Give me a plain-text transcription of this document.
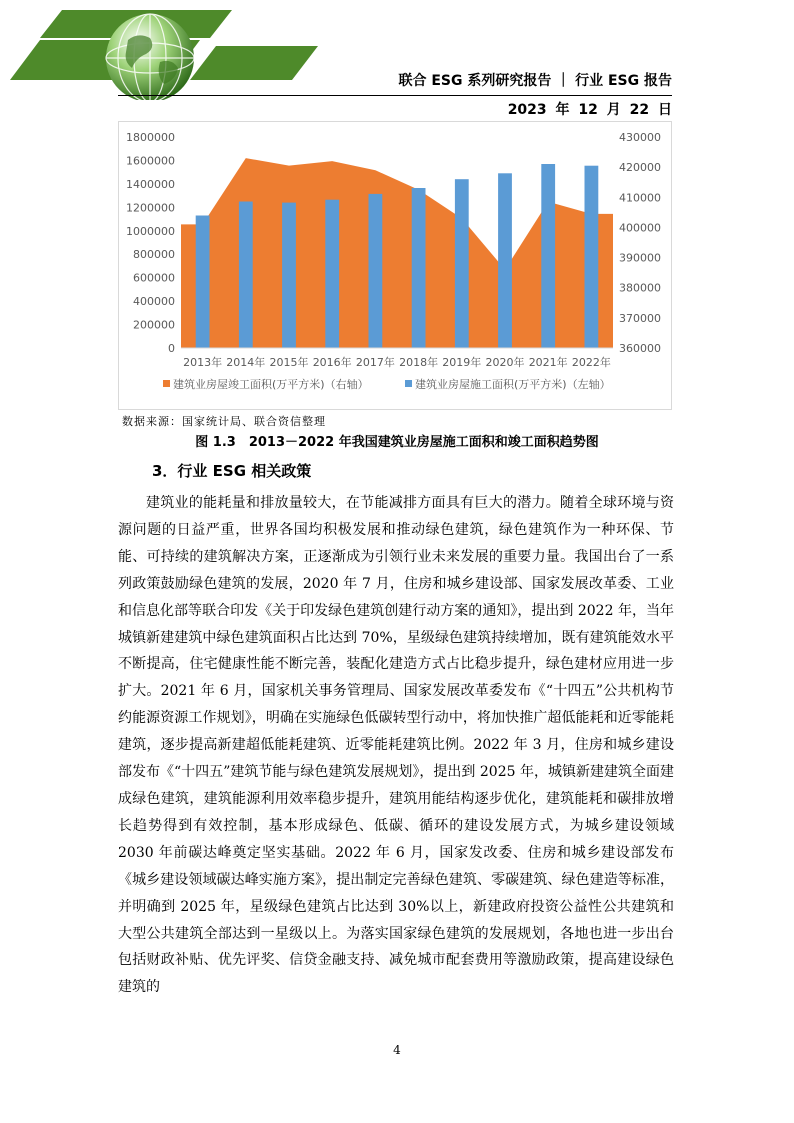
联合 ESG 系列研究报告 ｜ 行业 ESG 报告
2023 年 12 月 22 日
0
200000
400000
600000
800000
1000000
1200000
1400000
1600000
1800000
360000
370000
380000
390000
400000
410000
420000
430000
2013年 2014年 2015年 2016年 2017年 2018年 2019年 2020年 2021年 2022年
建筑业房屋竣工面积(万平方米)（右轴）	建筑业房屋施工面积(万平方米)（左轴）
数据来源：国家统计局、联合资信整理
图 1.3　2013－2022 年我国建筑业房屋施工面积和竣工面积趋势图
3．行业 ESG 相关政策

建筑业的能耗量和排放量较大，在节能减排方面具有巨大的潜力。随着全球环境与资源问题的日益严重，世界各国均积极发展和推动绿色建筑，绿色建筑作为一种环保、节能、可持续的建筑解决方案，正逐渐成为引领行业未来发展的重要力量。我国出台了一系列政策鼓励绿色建筑的发展，2020 年 7 月，住房和城乡建设部、国家发展改革委、工业和信息化部等联合印发《关于印发绿色建筑创建行动方案的通知》，提出到 2022 年，当年城镇新建建筑中绿色建筑面积占比达到 70%，星级绿色建筑持续增加，既有建筑能效水平不断提高，住宅健康性能不断完善，装配化建造方式占比稳步提升，绿色建材应用进一步扩大。2021 年 6 月，国家机关事务管理局、国家发展改革委发布《“十四五”公共机构节约能源资源工作规划》，明确在实施绿色低碳转型行动中，将加快推广超低能耗和近零能耗建筑，逐步提高新建超低能耗建筑、近零能耗建筑比例。2022 年 3 月，住房和城乡建设部发布《“十四五”建筑节能与绿色建筑发展规划》，提出到 2025 年，城镇新建建筑全面建成绿色建筑，建筑能源利用效率稳步提升，建筑用能结构逐步优化，建筑能耗和碳排放增长趋势得到有效控制，基本形成绿色、低碳、循环的建设发展方式，为城乡建设领域 2030 年前碳达峰奠定坚实基础。2022 年 6 月，国家发改委、住房和城乡建设部发布《城乡建设领域碳达峰实施方案》，提出制定完善绿色建筑、零碳建筑、绿色建造等标准，并明确到 2025 年，星级绿色建筑占比达到 30%以上，新建政府投资公益性公共建筑和大型公共建筑全部达到一星级以上。为落实国家绿色建筑的发展规划，各地也进一步出台包括财政补贴、优先评奖、信贷金融支持、减免城市配套费用等激励政策，提高建设绿色建筑的

4
